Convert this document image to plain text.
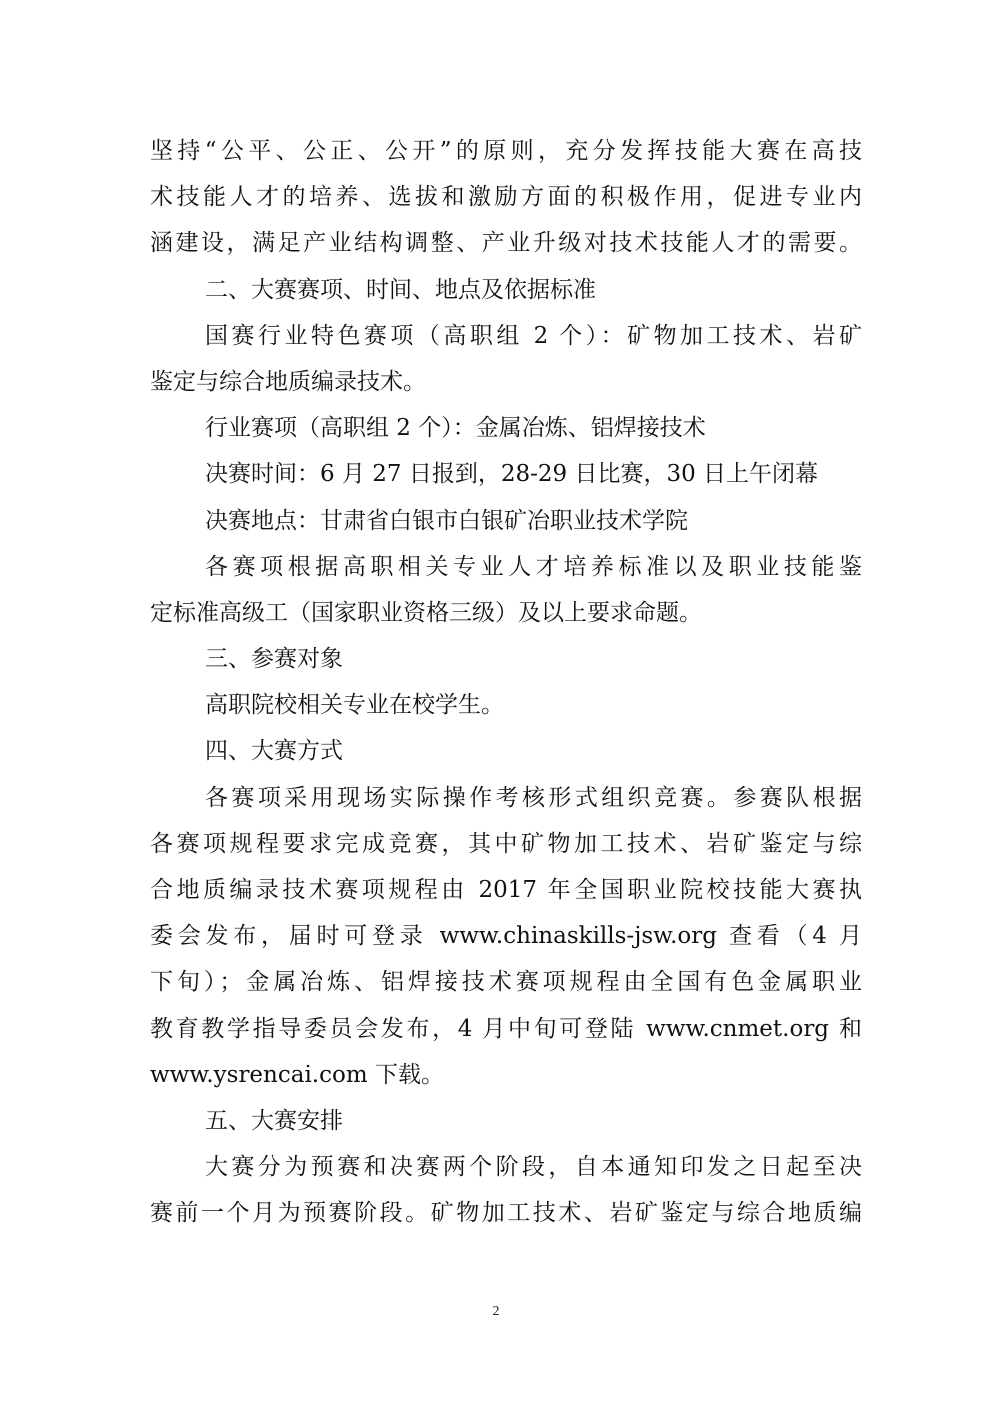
坚持“公平、公正、公开”的原则，充分发挥技能大赛在高技
术技能人才的培养、选拔和激励方面的积极作用，促进专业内
涵建设，满足产业结构调整、产业升级对技术技能人才的需要。
二、大赛赛项、时间、地点及依据标准
国赛行业特色赛项（高职组 2 个）：矿物加工技术、岩矿
鉴定与综合地质编录技术。
行业赛项（高职组 2 个）：金属冶炼、铝焊接技术
决赛时间：6 月 27 日报到，28-29 日比赛，30 日上午闭幕
决赛地点：甘肃省白银市白银矿冶职业技术学院
各赛项根据高职相关专业人才培养标准以及职业技能鉴
定标准高级工（国家职业资格三级）及以上要求命题。
三、参赛对象
高职院校相关专业在校学生。
四、大赛方式
各赛项采用现场实际操作考核形式组织竞赛。参赛队根据
各赛项规程要求完成竞赛，其中矿物加工技术、岩矿鉴定与综
合地质编录技术赛项规程由 2017 年全国职业院校技能大赛执
委会发布，届时可登录 www.chinaskills-jsw.org 查看（4 月
下旬）；金属冶炼、铝焊接技术赛项规程由全国有色金属职业
教育教学指导委员会发布，4 月中旬可登陆 www.cnmet.org 和
www.ysrencai.com 下载。
五、大赛安排
大赛分为预赛和决赛两个阶段，自本通知印发之日起至决
赛前一个月为预赛阶段。矿物加工技术、岩矿鉴定与综合地质编
2
